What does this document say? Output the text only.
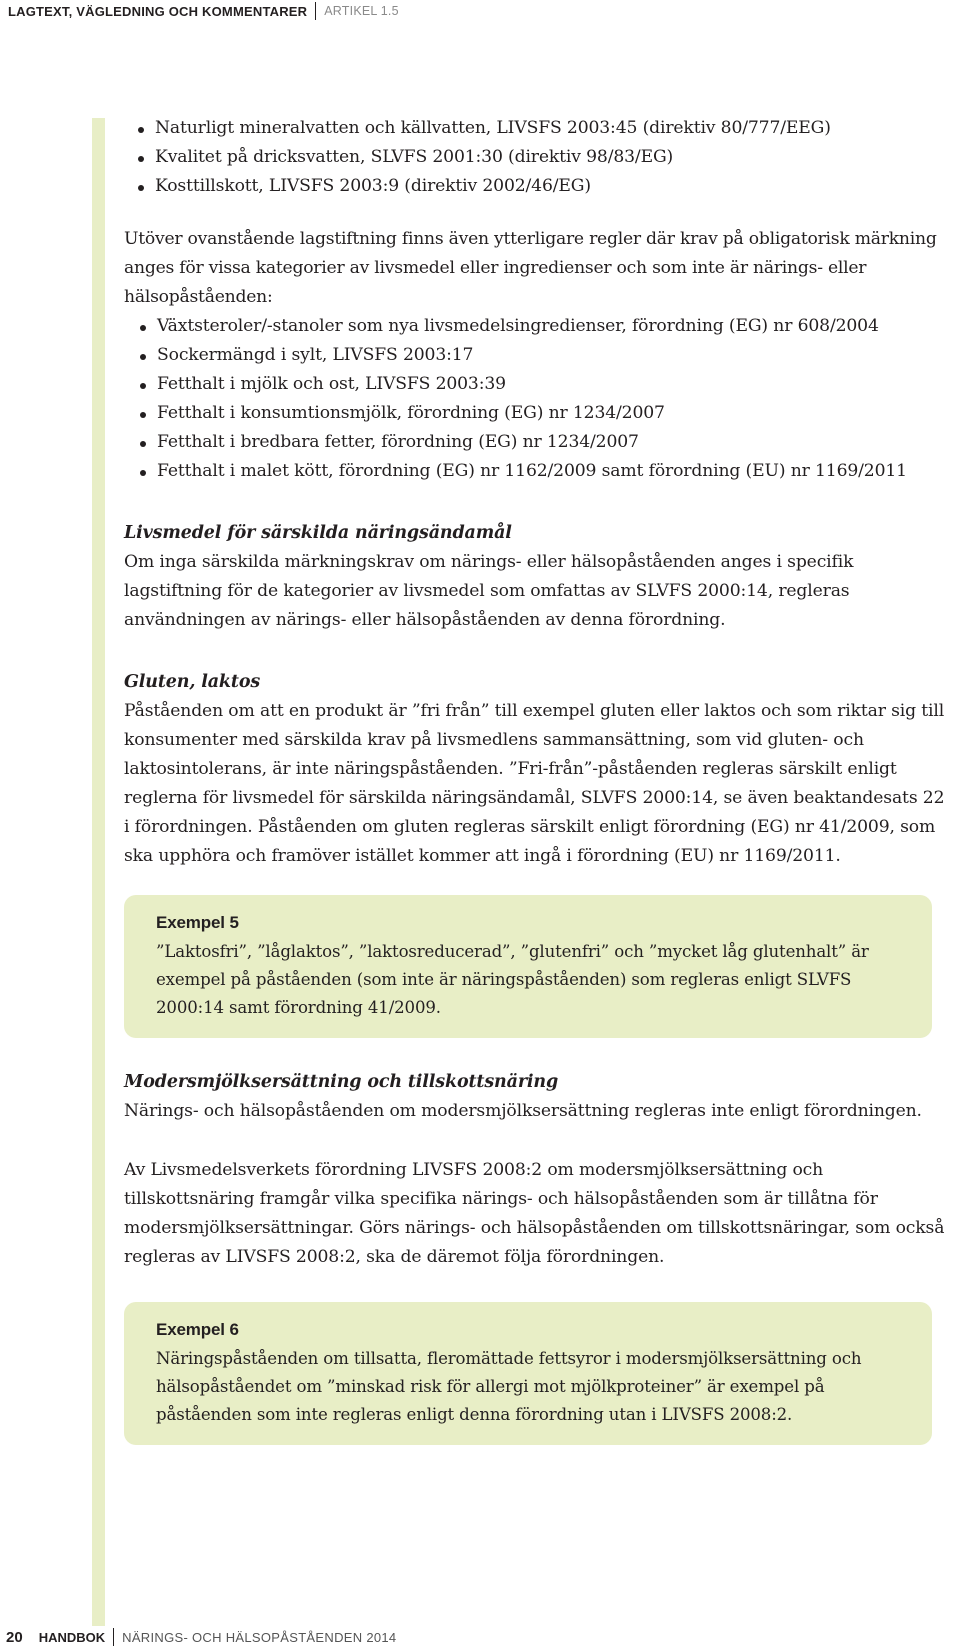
LAGTEXT, VÄGLEDNING OCH KOMMENTARER ARTIKEL 1.5
Naturligt mineralvatten och källvatten, LIVSFS 2003:45 (direktiv 80/777/EEG)
Kvalitet på dricksvatten, SLVFS 2001:30 (direktiv 98/83/EG)
Kosttillskott, LIVSFS 2003:9 (direktiv 2002/46/EG)

Utöver ovanstående lagstiftning finns även ytterligare regler där krav på obligatorisk märkning anges för vissa kategorier av livsmedel eller ingredienser och som inte är närings- eller hälsopåståenden:

Växtsteroler/-stanoler som nya livsmedelsingredienser, förordning (EG) nr 608/2004
Sockermängd i sylt, LIVSFS 2003:17
Fetthalt i mjölk och ost, LIVSFS 2003:39
Fetthalt i konsumtionsmjölk, förordning (EG) nr 1234/2007
Fetthalt i bredbara fetter, förordning (EG) nr 1234/2007
Fetthalt i malet kött, förordning (EG) nr 1162/2009 samt förordning (EU) nr 1169/2011
Livsmedel för särskilda näringsändamål

Om inga särskilda märkningskrav om närings- eller hälsopåståenden anges i specifik lagstiftning för de kategorier av livsmedel som omfattas av SLVFS 2000:14, regleras användningen av närings- eller hälsopåståenden av denna förordning.

Gluten, laktos

Påståenden om att en produkt är ”fri från” till exempel gluten eller laktos och som riktar sig till konsumenter med särskilda krav på livsmedlens sammansättning, som vid gluten- och laktosintolerans, är inte näringspåståenden. ”Fri-från”-påståenden regleras särskilt enligt reglerna för livsmedel för särskilda näringsändamål, SLVFS 2000:14, se även beaktandesats 22 i förordningen. Påståenden om gluten regleras särskilt enligt förordning (EG) nr 41/2009, som ska upphöra och framöver istället kommer att ingå i förordning (EU) nr 1169/2011.

Exempel 5

”Laktosfri”, ”låglaktos”, ”laktosreducerad”, ”glutenfri” och ”mycket låg glutenhalt” är exempel på påståenden (som inte är näringspåståenden) som regleras enligt SLVFS 2000:14 samt förordning 41/2009.

Modersmjölksersättning och tillskottsnäring

Närings- och hälsopåståenden om modersmjölksersättning regleras inte enligt förordningen.

Av Livsmedelsverkets förordning LIVSFS 2008:2 om modersmjölksersättning och tillskottsnäring framgår vilka specifika närings- och hälsopåståenden som är tillåtna för modersmjölksersättningar. Görs närings- och hälsopåståenden om tillskottsnäringar, som också regleras av LIVSFS 2008:2, ska de däremot följa förordningen.

Exempel 6

Näringspåståenden om tillsatta, fleromättade fettsyror i modersmjölksersättning och hälsopåståendet om ”minskad risk för allergi mot mjölkproteiner” är exempel på påståenden som inte regleras enligt denna förordning utan i LIVSFS 2008:2.

20 HANDBOK NÄRINGS- OCH HÄLSOPÅSTÅENDEN 2014
